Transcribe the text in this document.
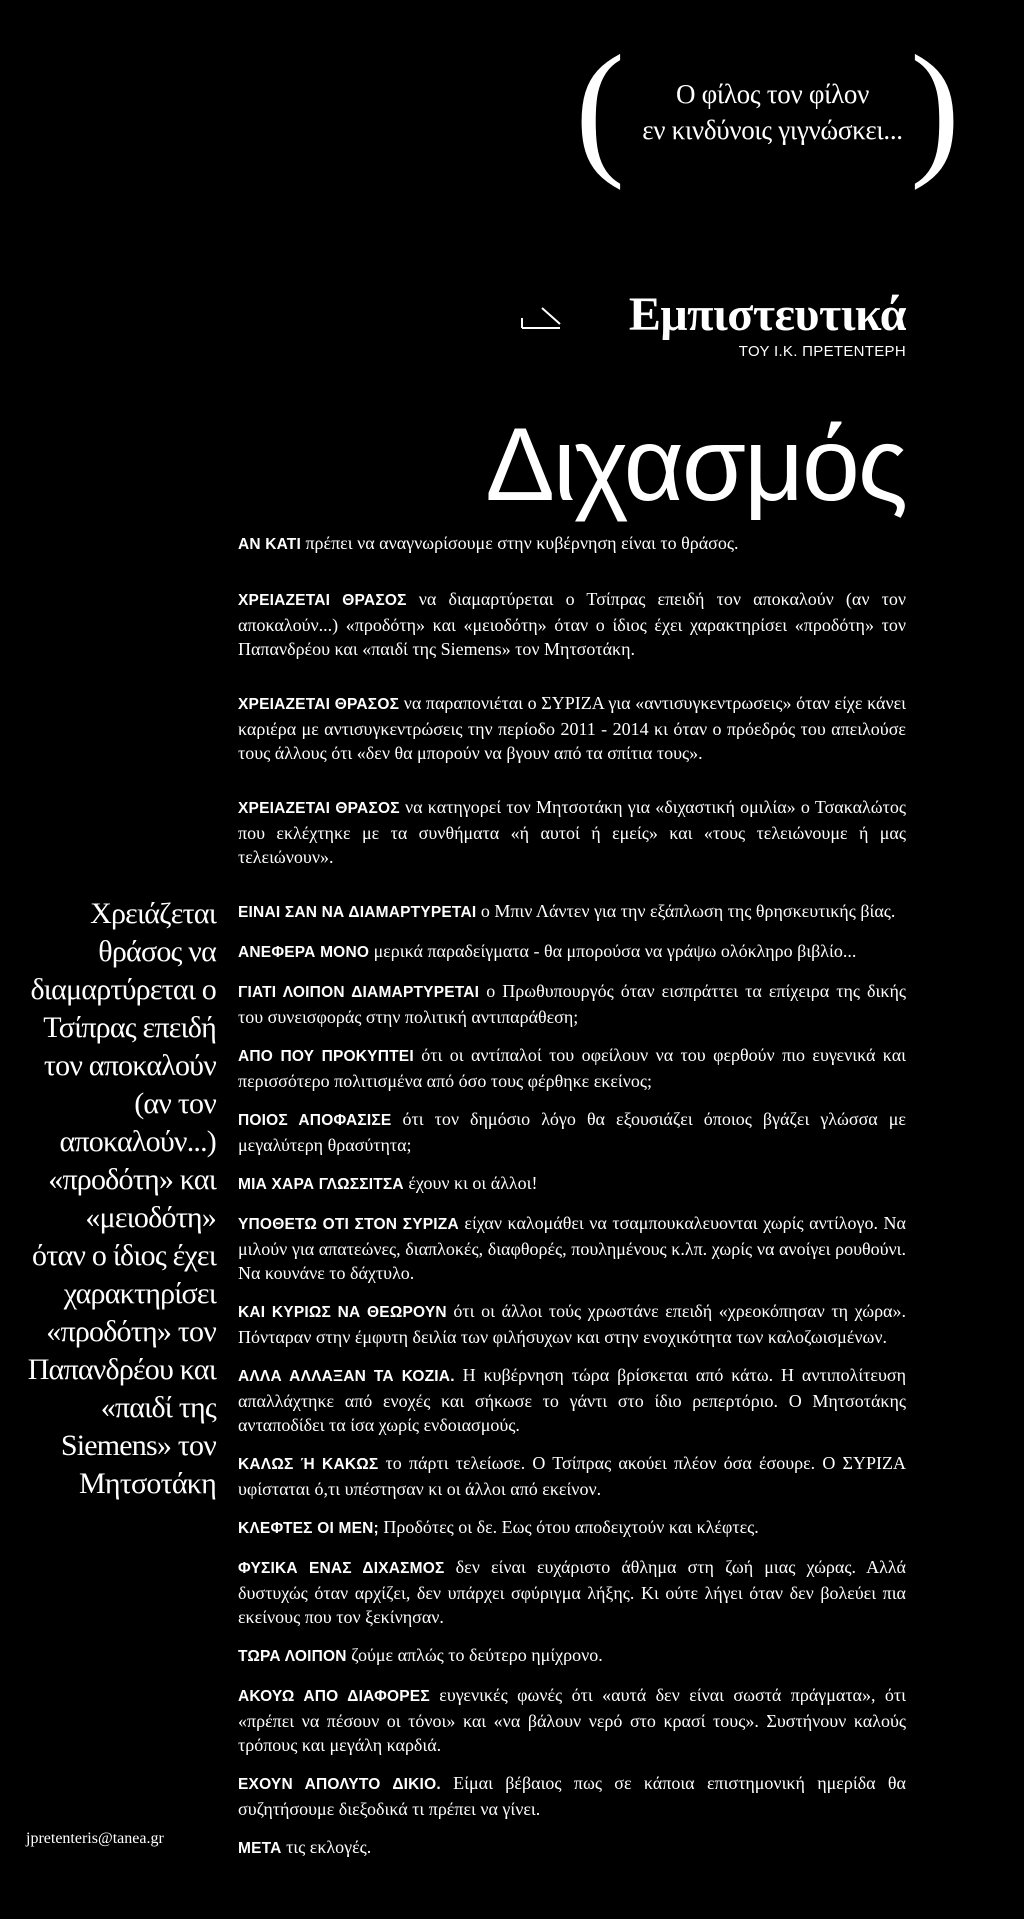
(	Ο φίλος τον φίλον
εν κινδύνοις γιγνώσκει... )
Εμπιστευτικά
ΤΟΥ Ι.Κ. ΠΡΕΤΕΝΤΕΡΗ
Διχασμός
Χρειάζεται θράσος να διαμαρτύρεται ο Τσίπρας επειδή τον αποκαλούν (αν τον αποκαλούν...) «προδότη» και «μειοδότη» όταν ο ίδιος έχει χαρακτηρίσει «προδότη» τον Παπανδρέου και «παιδί της Siemens» τον Μητσοτάκη
jpretenteris@tanea.gr

ΑΝ ΚΑΤΙ πρέπει να αναγνωρίσουμε στην κυβέρνηση είναι το θράσος.

ΧΡΕΙΑΖΕΤΑΙ ΘΡΑΣΟΣ να διαμαρτύρεται ο Τσίπρας επειδή τον αποκαλούν (αν τον αποκαλούν...) «προδότη» και «μειοδότη» όταν ο ίδιος έχει χαρακτηρίσει «προδότη» τον Παπανδρέου και «παιδί της Siemens» τον Μητσοτάκη.

ΧΡΕΙΑΖΕΤΑΙ ΘΡΑΣΟΣ να παραπονιέται ο ΣΥΡΙΖΑ για «αντισυγκεντρωσεις» όταν είχε κάνει καριέρα με αντισυγκεντρώσεις την περίοδο 2011 - 2014 κι όταν ο πρόεδρός του απειλούσε τους άλλους ότι «δεν θα μπορούν να βγουν από τα σπίτια τους».

ΧΡΕΙΑΖΕΤΑΙ ΘΡΑΣΟΣ να κατηγορεί τον Μητσοτάκη για «διχαστική ομιλία» ο Τσακαλώτος που εκλέχτηκε με τα συνθήματα «ή αυτοί ή εμείς» και «τους τελειώνουμε ή μας τελειώνουν».

ΕΙΝΑΙ ΣΑΝ ΝΑ ΔΙΑΜΑΡΤΥΡΕΤΑΙ ο Μπιν Λάντεν για την εξάπλωση της θρησκευτικής βίας.

ΑΝΕΦΕΡΑ ΜΟΝΟ μερικά παραδείγματα - θα μπορούσα να γράψω ολόκληρο βιβλίο...

ΓΙΑΤΙ ΛΟΙΠΟΝ ΔΙΑΜΑΡΤΥΡΕΤΑΙ ο Πρωθυπουργός όταν εισπράττει τα επίχειρα της δικής του συνεισφοράς στην πολιτική αντιπαράθεση;

ΑΠΟ ΠΟΥ ΠΡΟΚΥΠΤΕΙ ότι οι αντίπαλοί του οφείλουν να του φερθούν πιο ευγενικά και περισσότερο πολιτισμένα από όσο τους φέρθηκε εκείνος;

ΠΟΙΟΣ ΑΠΟΦΑΣΙΣΕ ότι τον δημόσιο λόγο θα εξουσιάζει όποιος βγάζει γλώσσα με μεγαλύτερη θρασύτητα;

ΜΙΑ ΧΑΡΑ ΓΛΩΣΣΙΤΣΑ έχουν κι οι άλλοι!

ΥΠΟΘΕΤΩ ΟΤΙ ΣΤΟΝ ΣΥΡΙΖΑ είχαν καλομάθει να τσαμπουκαλευονται χωρίς αντίλογο. Να μιλούν για απατεώνες, διαπλοκές, διαφθορές, πουλημένους κ.λπ. χωρίς να ανοίγει ρουθούνι. Να κουνάνε το δάχτυλο.

ΚΑΙ ΚΥΡΙΩΣ ΝΑ ΘΕΩΡΟΥΝ ότι οι άλλοι τούς χρωστάνε επειδή «χρεοκόπησαν τη χώρα». Πόνταραν στην έμφυτη δειλία των φιλήσυχων και στην ενοχικότητα των καλοζωισμένων.

ΑΛΛΑ ΑΛΛΑΞΑΝ ΤΑ ΚΟΖΙΑ. Η κυβέρνηση τώρα βρίσκεται από κάτω. Η αντιπολίτευση απαλλάχτηκε από ενοχές και σήκωσε το γάντι στο ίδιο ρεπερτόριο. Ο Μητσοτάκης ανταποδίδει τα ίσα χωρίς ενδοιασμούς.

ΚΑΛΩΣ Ή ΚΑΚΩΣ το πάρτι τελείωσε. Ο Τσίπρας ακούει πλέον όσα έσουρε. Ο ΣΥΡΙΖΑ υφίσταται ό,τι υπέστησαν κι οι άλλοι από εκείνον.

ΚΛΕΦΤΕΣ ΟΙ ΜΕΝ; Προδότες οι δε. Εως ότου αποδειχτούν και κλέφτες.

ΦΥΣΙΚΑ ΕΝΑΣ ΔΙΧΑΣΜΟΣ δεν είναι ευχάριστο άθλημα στη ζωή μιας χώρας. Αλλά δυστυχώς όταν αρχίζει, δεν υπάρχει σφύριγμα λήξης. Κι ούτε λήγει όταν δεν βολεύει πια εκείνους που τον ξεκίνησαν.

ΤΩΡΑ ΛΟΙΠΟΝ ζούμε απλώς το δεύτερο ημίχρονο.

ΑΚΟΥΩ ΑΠΟ ΔΙΑΦΟΡΕΣ ευγενικές φωνές ότι «αυτά δεν είναι σωστά πράγματα», ότι «πρέπει να πέσουν οι τόνοι» και «να βάλουν νερό στο κρασί τους». Συστήνουν καλούς τρόπους και μεγάλη καρδιά.

ΕΧΟΥΝ ΑΠΟΛΥΤΟ ΔΙΚΙΟ. Είμαι βέβαιος πως σε κάποια επιστημονική ημερίδα θα συζητήσουμε διεξοδικά τι πρέπει να γίνει.

ΜΕΤΑ τις εκλογές.
